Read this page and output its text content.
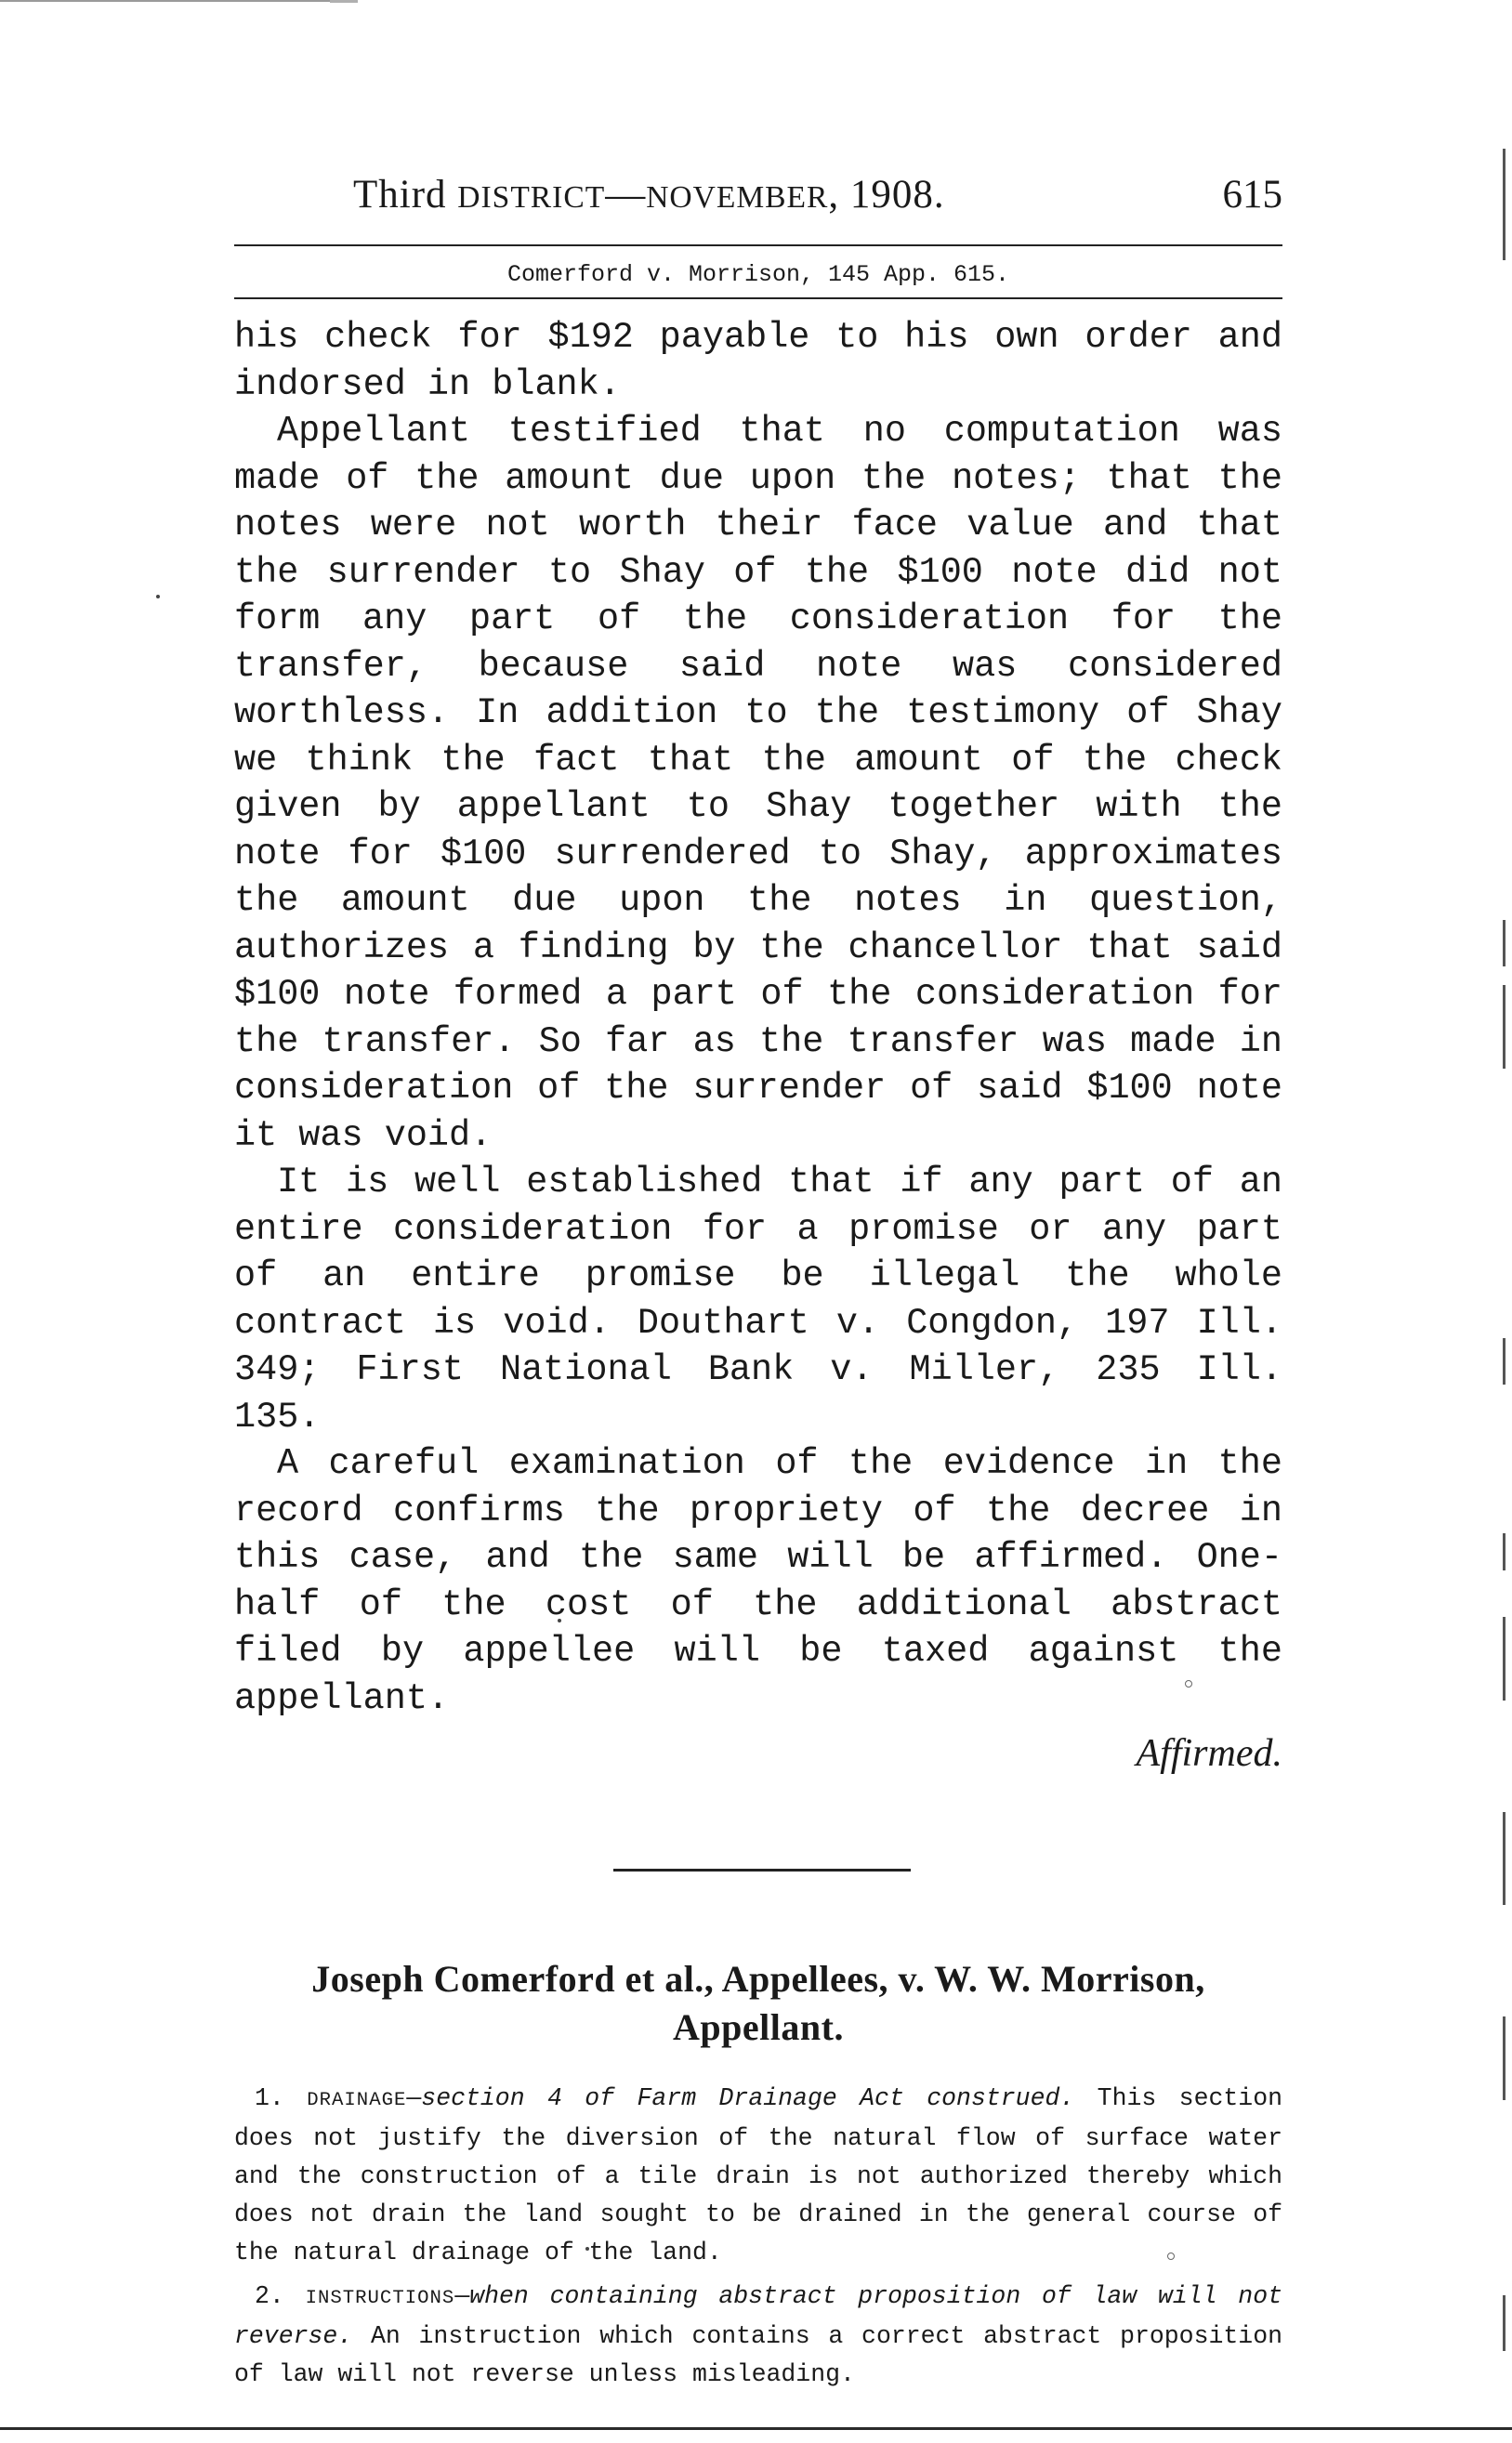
Third DISTRICT—NOVEMBER, 1908.	615
Comerford v. Morrison, 145 App. 615.

his check for $192 payable to his own order and indorsed in blank.

Appellant testified that no computation was made of the amount due upon the notes; that the notes were not worth their face value and that the surrender to Shay of the $100 note did not form any part of the consideration for the transfer, because said note was considered worthless. In addition to the testimony of Shay we think the fact that the amount of the check given by appellant to Shay together with the note for $100 surrendered to Shay, approximates the amount due upon the notes in question, authorizes a finding by the chancellor that said $100 note formed a part of the consideration for the transfer. So far as the transfer was made in consideration of the surrender of said $100 note it was void.

It is well established that if any part of an entire consideration for a promise or any part of an entire promise be illegal the whole contract is void. Douthart v. Congdon, 197 Ill. 349; First National Bank v. Miller, 235 Ill. 135.

A careful examination of the evidence in the record confirms the propriety of the decree in this case, and the same will be affirmed. One-half of the cost of the additional abstract filed by appellee will be taxed against the appellant.

Affirmed.
Joseph Comerford et al., Appellees, v. W. W. Morrison,
Appellant.

1. DRAINAGE—section 4 of Farm Drainage Act construed. This section does not justify the diversion of the natural flow of surface water and the construction of a tile drain is not authorized thereby which does not drain the land sought to be drained in the general course of the natural drainage of the land.

2. INSTRUCTIONS—when containing abstract proposition of law will not reverse. An instruction which contains a correct abstract proposition of law will not reverse unless misleading.
